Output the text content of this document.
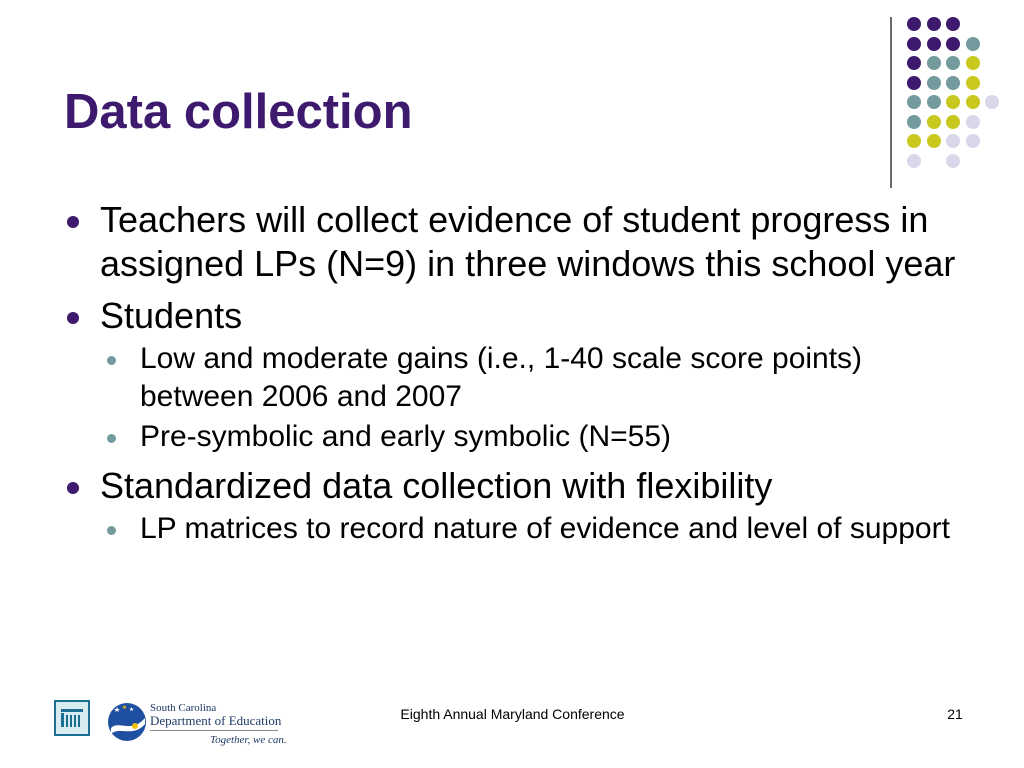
Data collection

Teachers will collect evidence of student progress in assigned LPs (N=9) in three windows this school year

Students

Low and moderate gains (i.e., 1-40 scale score points) between 2006 and 2007

Pre-symbolic and early symbolic (N=55)

Standardized data collection with flexibility

LP matrices to record nature of evidence and level of support

South Carolina

Department of Education

Together, we can.

Eighth Annual Maryland Conference	21
